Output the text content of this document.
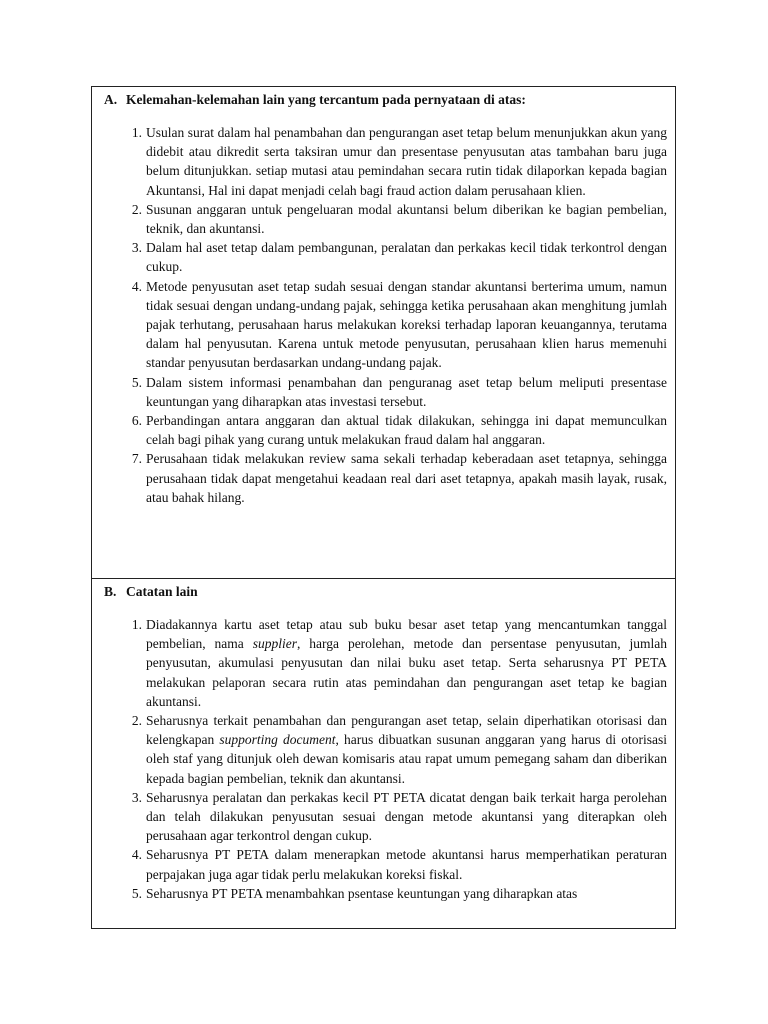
A. Kelemahan-kelemahan lain yang tercantum pada pernyataan di atas:

1. Usulan surat dalam hal penambahan dan pengurangan aset tetap belum menunjukkan akun yang didebit atau dikredit serta taksiran umur dan presentase penyusutan atas tambahan baru juga belum ditunjukkan. setiap mutasi atau pemindahan secara rutin tidak dilaporkan kepada bagian Akuntansi, Hal ini dapat menjadi celah bagi fraud action dalam perusahaan klien.
2. Susunan anggaran untuk pengeluaran modal akuntansi belum diberikan ke bagian pembelian, teknik, dan akuntansi.
3. Dalam hal aset tetap dalam pembangunan, peralatan dan perkakas kecil tidak terkontrol dengan cukup.
4. Metode penyusutan aset tetap sudah sesuai dengan standar akuntansi berterima umum, namun tidak sesuai dengan undang-undang pajak, sehingga ketika perusahaan akan menghitung jumlah pajak terhutang, perusahaan harus melakukan koreksi terhadap laporan keuangannya, terutama dalam hal penyusutan. Karena untuk metode penyusutan, perusahaan klien harus memenuhi standar penyusutan berdasarkan undang-undang pajak.
5. Dalam sistem informasi penambahan dan penguranag aset tetap belum meliputi presentase keuntungan yang diharapkan atas investasi tersebut.
6. Perbandingan antara anggaran dan aktual tidak dilakukan, sehingga ini dapat memunculkan celah bagi pihak yang curang untuk melakukan fraud dalam hal anggaran.
7. Perusahaan tidak melakukan review sama sekali terhadap keberadaan aset tetapnya, sehingga perusahaan tidak dapat mengetahui keadaan real dari aset tetapnya, apakah masih layak, rusak, atau bahak hilang.

B. Catatan lain

1. Diadakannya kartu aset tetap atau sub buku besar aset tetap yang mencantumkan tanggal pembelian, nama supplier, harga perolehan, metode dan persentase penyusutan, jumlah penyusutan, akumulasi penyusutan dan nilai buku aset tetap. Serta seharusnya PT PETA melakukan pelaporan secara rutin atas pemindahan dan pengurangan aset tetap ke bagian akuntansi.
2. Seharusnya terkait penambahan dan pengurangan aset tetap, selain diperhatikan otorisasi dan kelengkapan supporting document, harus dibuatkan susunan anggaran yang harus di otorisasi oleh staf yang ditunjuk oleh dewan komisaris atau rapat umum pemegang saham dan diberikan kepada bagian pembelian, teknik dan akuntansi.
3. Seharusnya peralatan dan perkakas kecil PT PETA dicatat dengan baik terkait harga perolehan dan telah dilakukan penyusutan sesuai dengan metode akuntansi yang diterapkan oleh perusahaan agar terkontrol dengan cukup.
4. Seharusnya PT PETA dalam menerapkan metode akuntansi harus memperhatikan peraturan perpajakan juga agar tidak perlu melakukan koreksi fiskal.
5. Seharusnya PT PETA menambahkan psentase keuntungan yang diharapkan atas
